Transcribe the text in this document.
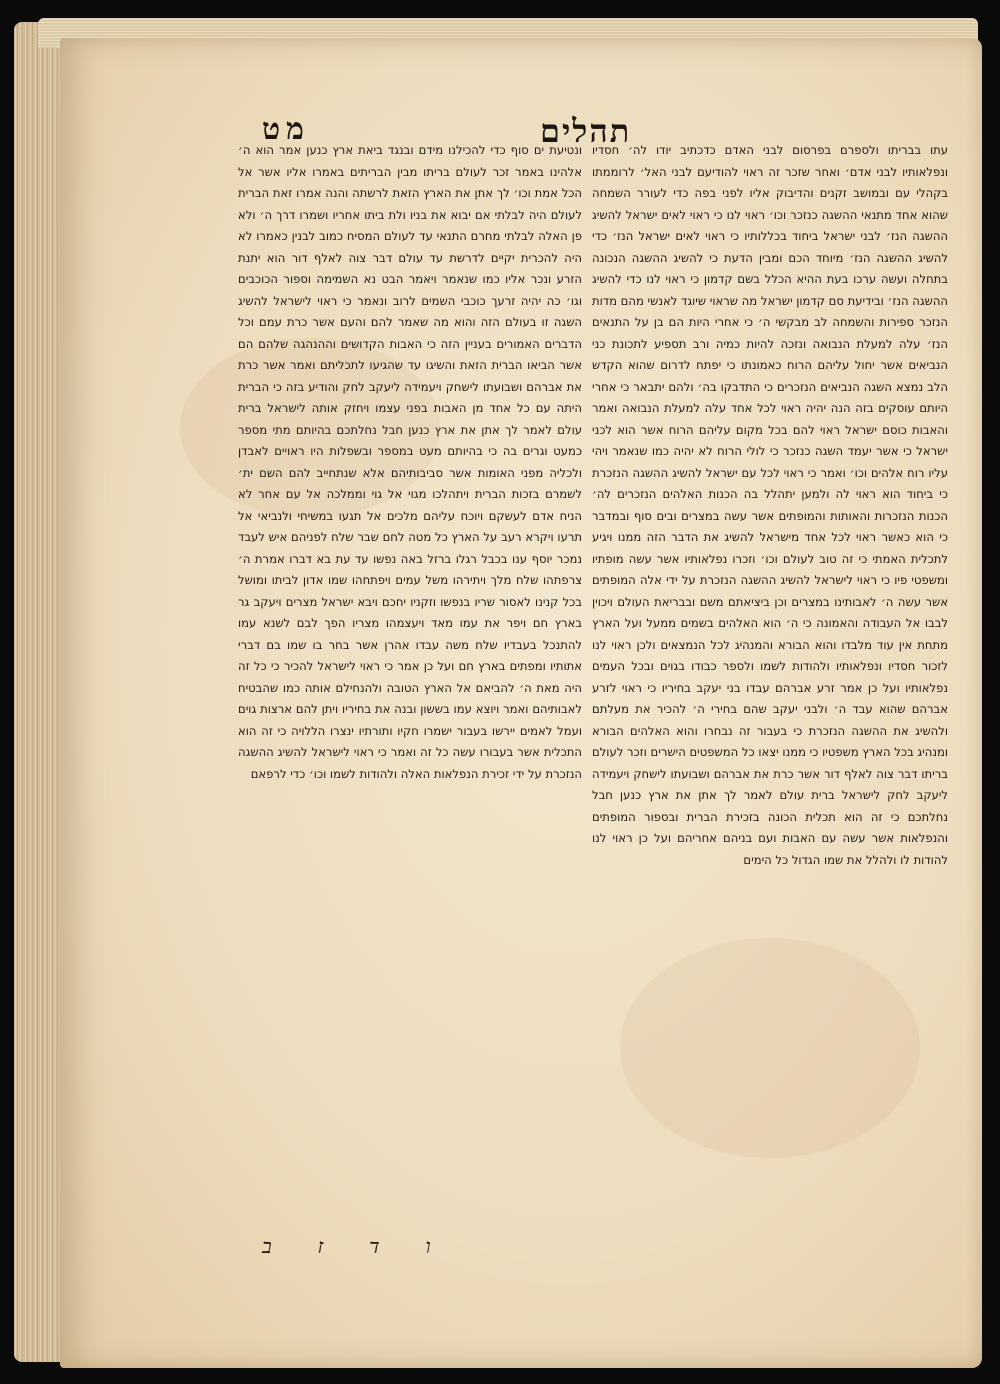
תהלים
מט

עתו בבריתו ולספרם בפרסום לבני האדם כדכתיב יודו לה׳ חסדיו ונפלאותיו לבני אדם׳ ואחר שזכר זה ראוי להודיעם לבני האל׳ לרוממתו בקהלי עם ובמושב זקנים והדיבוק אליו לפני בפה כדי לעורר השמחה שהוא אחד מתנאי ההשגה כנזכר וכו׳ ראוי לנו כי ראוי לאים ישראל להשיג ההשגה הנז׳ לבני ישראל ביחוד בכללותיו כי ראוי לאים ישראל הנז׳ כדי להשיג ההשגה הנז׳ מיוחד הכם ומבין הדעת כי להשיג ההשגה הנכונה בתחלה ועשה ערכו בעת ההיא הכלל בשם קדמון כי ראוי לנו כדי להשיג ההשגה הנז׳ ובידיעת סם קדמון ישראל מה שראוי שיוגד לאנשי מהם מדות הנזכר ספירות והשמחה לב מבקשי ה׳ כי אחרי היות הם בן על התנאים הנז׳ עלה למעלת הנבואה ונזכה להיות כמיה ורב תספיע לתכונת כני הנביאים אשר יחול עליהם הרוח כאמונתו כי יפתח לדרום שהוא הקדש הלב נמצא השגה הנביאים הנזכרים כי התדבקו בה׳ ולהם יתבאר כי אחרי היותם עוסקים בזה הנה יהיה ראוי לכל אחד עלה למעלת הנבואה ואמר והאבות כוסם ישראל ראוי להם בכל מקום עליהם הרוח אשר הוא לכני ישראל כי אשר יעמד השגה כנזכר כי לולי הרוח לא יהיה כמו שנאמר ויהי עליו רוח אלהים וכו׳ ואמר כי ראוי לכל עם ישראל להשיג ההשגה הנזכרת כי ביחוד הוא ראוי לה ולמען יתהלל בה הכנות האלהים הנזכרים לה׳ הכנות הנזכרות והאותות והמופתים אשר עשה במצרים ובים סוף ובמדבר כי הוא כאשר ראוי לכל אחד מישראל להשיג את הדבר הזה ממנו ויגיע לתכלית האמתי כי זה טוב לעולם וכו׳ וזכרו נפלאותיו אשר עשה מופתיו ומשפטי פיו כי ראוי לישראל להשיג ההשגה הנזכרת על ידי אלה המופתים אשר עשה ה׳ לאבותינו במצרים וכן ביציאתם משם ובבריאת העולם ויכוין לבבו אל העבודה והאמונה כי ה׳ הוא האלהים בשמים ממעל ועל הארץ מתחת אין עוד מלבדו והוא הבורא והמנהיג לכל הנמצאים ולכן ראוי לנו לזכור חסדיו ונפלאותיו ולהודות לשמו ולספר כבודו בגוים ובכל העמים נפלאותיו ועל כן אמר זרע אברהם עבדו בני יעקב בחיריו כי ראוי לזרע אברהם שהוא עבד ה׳ ולבני יעקב שהם בחירי ה׳ להכיר את מעלתם ולהשיג את ההשגה הנזכרת כי בעבור זה נבחרו והוא האלהים הבורא ומנהיג בכל הארץ משפטיו כי ממנו יצאו כל המשפטים הישרים וזכר לעולם בריתו דבר צוה לאלף דור אשר כרת את אברהם ושבועתו לישחק ויעמידה ליעקב לחק לישראל ברית עולם לאמר לך אתן את ארץ כנען חבל נחלתכם כי זה הוא תכלית הכונה בזכירת הברית ובספור המופתים והנפלאות אשר עשה עם האבות ועם בניהם אחריהם ועל כן ראוי לנו להודות לו ולהלל את שמו הגדול כל הימים

ונטיעת ים סוף כדי להכילנו מידם ובנגד ביאת ארץ כנען אמר הוא ה׳ אלהינו באמר זכר לעולם בריתו מבין הבריתים באמרו אליו אשר אל הכל אמת וכו׳ לך אתן את הארץ הזאת לרשתה והנה אמרו זאת הברית לעולם היה לבלתי אם יבוא את בניו ולת ביתו אחריו ושמרו דרך ה׳ ולא פן האלה לבלתי מחרם התנאי עד לעולם המסיח כמוב לבנין כאמרו לא היה להכרית יקיים לדרשת עד עולם דבר צוה לאלף דור הוא יתנת הזרע ונכר אליו כמו שנאמר ויאמר הבט נא השמימה וספור הכוכבים וגו׳ כה יהיה זרעך כוכבי השמים לרוב ונאמר כי ראוי לישראל להשיג השגה זו בעולם הזה והוא מה שאמר להם והעם אשר כרת עמם וכל הדברים האמורים בעניין הזה כי האבות הקדושים וההנהגה שלהם הם אשר הביאו הברית הזאת והשיגו עד שהגיעו לתכליתם ואמר אשר כרת את אברהם ושבועתו לישחק ויעמידה ליעקב לחק והודיע בזה כי הברית היתה עם כל אחד מן האבות בפני עצמו ויחזק אותה לישראל ברית עולם לאמר לך אתן את ארץ כנען חבל נחלתכם בהיותם מתי מספר כמעט וגרים בה כי בהיותם מעט במספר ובשפלות היו ראויים לאבדן ולכליה מפני האומות אשר סביבותיהם אלא שנתחייב להם השם ית׳ לשמרם בזכות הברית ויתהלכו מגוי אל גוי וממלכה אל עם אחר לא הניח אדם לעשקם ויוכח עליהם מלכים אל תגעו במשיחי ולנביאי אל תרעו ויקרא רעב על הארץ כל מטה לחם שבר שלח לפניהם איש לעבד נמכר יוסף ענו בכבל רגלו ברזל באה נפשו עד עת בא דברו אמרת ה׳ צרפתהו שלח מלך ויתירהו משל עמים ויפתחהו שמו אדון לביתו ומושל בכל קנינו לאסור שריו בנפשו וזקניו יחכם ויבא ישראל מצרים ויעקב גר בארץ חם ויפר את עמו מאד ויעצמהו מצריו הפך לבם לשנא עמו להתנכל בעבדיו שלח משה עבדו אהרן אשר בחר בו שמו בם דברי אתותיו ומפתים בארץ חם ועל כן אמר כי ראוי לישראל להכיר כי כל זה היה מאת ה׳ להביאם אל הארץ הטובה ולהנחילם אותה כמו שהבטיח לאבותיהם ואמר ויוצא עמו בששון ובנה את בחיריו ויתן להם ארצות גוים ועמל לאמים יירשו בעבור ישמרו חקיו ותורתיו ינצרו הללויה כי זה הוא התכלית אשר בעבורו עשה כל זה ואמר כי ראוי לישראל להשיג ההשגה הנזכרת על ידי זכירת הנפלאות האלה ולהודות לשמו וכו׳ כדי לרפאם

ב ז ד ו
